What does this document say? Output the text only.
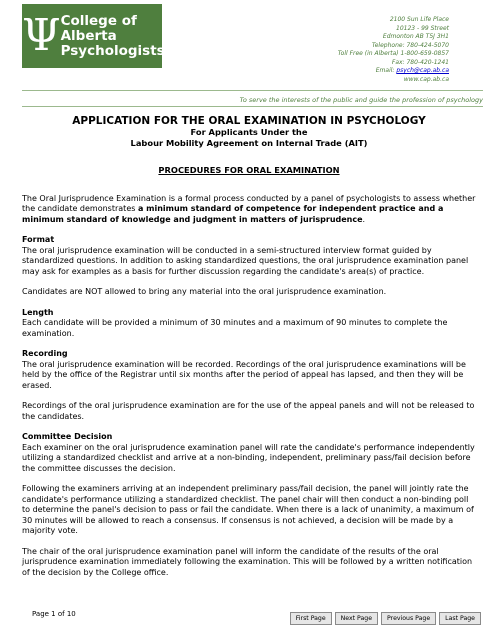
Ψ College of
Alberta
Psychologists
2100 Sun Life Place
10123 - 99 Street
Edmonton AB T5J 3H1
Telephone: 780-424-5070
Toll Free (in Alberta) 1-800-659-0857
Fax: 780-420-1241
Email: psych@cap.ab.ca
www.cap.ab.ca
To serve the interests of the public and guide the profession of psychology
APPLICATION FOR THE ORAL EXAMINATION IN PSYCHOLOGY
For Applicants Under the
Labour Mobility Agreement on Internal Trade (AIT)
PROCEDURES FOR ORAL EXAMINATION

The Oral Jurisprudence Examination is a formal process conducted by a panel of psychologists to assess whether the candidate demonstrates a minimum standard of competence for independent practice and a minimum standard of knowledge and judgment in matters of jurisprudence.

Format

The oral jurisprudence examination will be conducted in a semi-structured interview format guided by standardized questions. In addition to asking standardized questions, the oral jurisprudence examination panel may ask for examples as a basis for further discussion regarding the candidate's area(s) of practice.

Candidates are NOT allowed to bring any material into the oral jurisprudence examination.

Length

Each candidate will be provided a minimum of 30 minutes and a maximum of 90 minutes to complete the examination.

Recording

The oral jurisprudence examination will be recorded. Recordings of the oral jurisprudence examinations will be held by the office of the Registrar until six months after the period of appeal has lapsed, and then they will be erased.

Recordings of the oral jurisprudence examination are for the use of the appeal panels and will not be released to the candidates.

Committee Decision

Each examiner on the oral jurisprudence examination panel will rate the candidate's performance independently utilizing a standardized checklist and arrive at a non-binding, independent, preliminary pass/fail decision before the committee discusses the decision.

Following the examiners arriving at an independent preliminary pass/fail decision, the panel will jointly rate the candidate's performance utilizing a standardized checklist. The panel chair will then conduct a non-binding poll to determine the panel's decision to pass or fail the candidate. When there is a lack of unanimity, a maximum of 30 minutes will be allowed to reach a consensus. If consensus is not achieved, a decision will be made by a majority vote.

The chair of the oral jurisprudence examination panel will inform the candidate of the results of the oral jurisprudence examination immediately following the examination. This will be followed by a written notification of the decision by the College office.

Page 1 of 10
First Page	Next Page	Previous Page	Last Page
